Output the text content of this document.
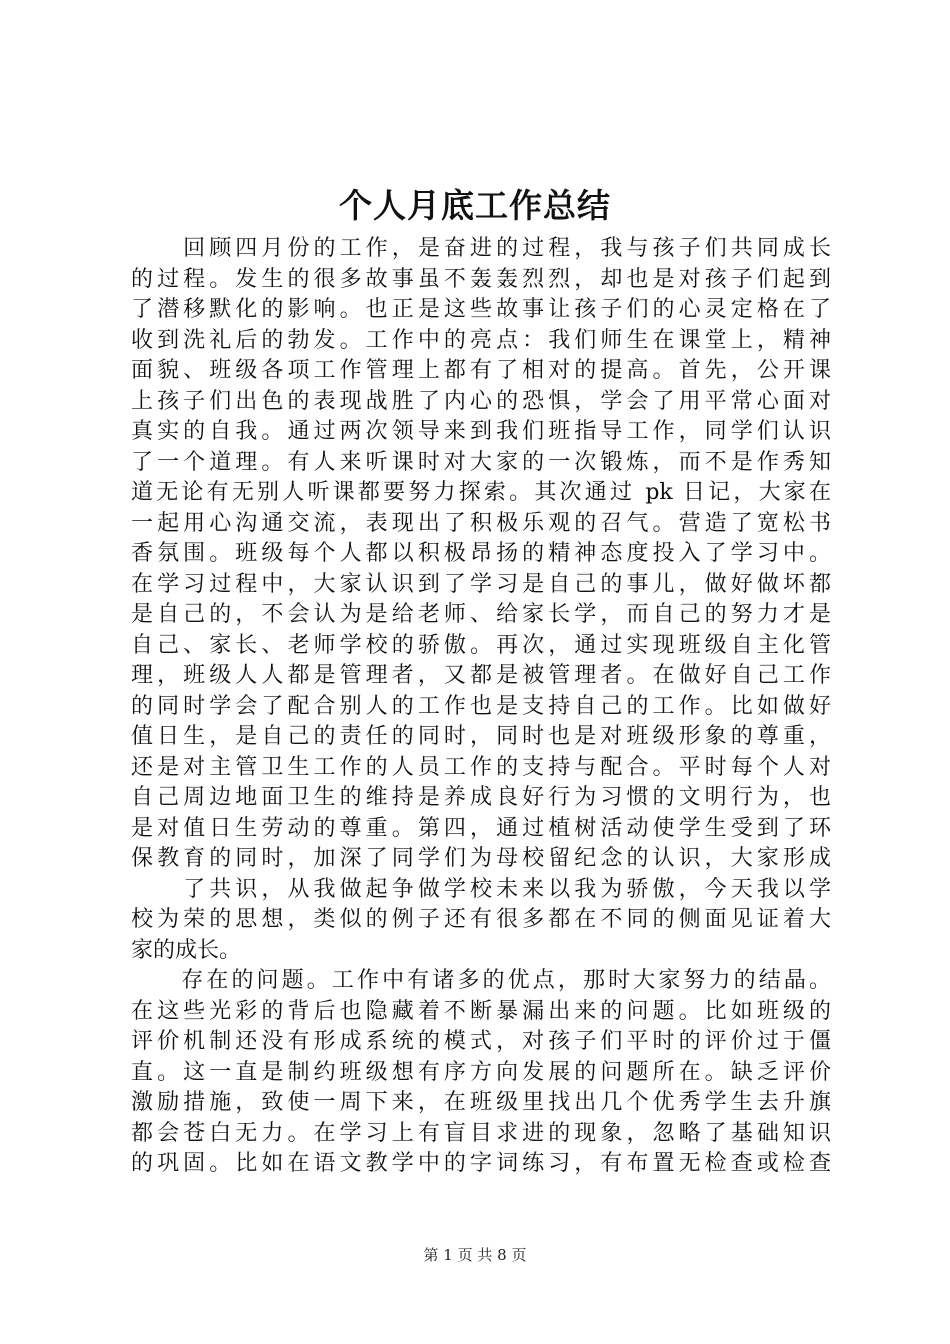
个人月底工作总结
　　回顾四月份的工作，是奋进的过程，我与孩子们共同成长
的过程。发生的很多故事虽不轰轰烈烈，却也是对孩子们起到
了潜移默化的影响。也正是这些故事让孩子们的心灵定格在了
收到洗礼后的勃发。工作中的亮点：我们师生在课堂上，精神
面貌、班级各项工作管理上都有了相对的提高。首先，公开课
上孩子们出色的表现战胜了内心的恐惧，学会了用平常心面对
真实的自我。通过两次领导来到我们班指导工作，同学们认识
了一个道理。有人来听课时对大家的一次锻炼，而不是作秀知
道无论有无别人听课都要努力探索。其次通过 pk 日记，大家在
一起用心沟通交流，表现出了积极乐观的召气。营造了宽松书
香氛围。班级每个人都以积极昂扬的精神态度投入了学习中。
在学习过程中，大家认识到了学习是自己的事儿，做好做坏都
是自己的，不会认为是给老师、给家长学，而自己的努力才是
自己、家长、老师学校的骄傲。再次，通过实现班级自主化管
理，班级人人都是管理者，又都是被管理者。在做好自己工作
的同时学会了配合别人的工作也是支持自己的工作。比如做好
值日生，是自己的责任的同时，同时也是对班级形象的尊重，
还是对主管卫生工作的人员工作的支持与配合。平时每个人对
自己周边地面卫生的维持是养成良好行为习惯的文明行为，也
是对值日生劳动的尊重。第四，通过植树活动使学生受到了环
保教育的同时，加深了同学们为母校留纪念的认识，大家形成
　　了共识，从我做起争做学校未来以我为骄傲，今天我以学
校为荣的思想，类似的例子还有很多都在不同的侧面见证着大
家的成长。
　　存在的问题。工作中有诸多的优点，那时大家努力的结晶。
在这些光彩的背后也隐藏着不断暴漏出来的问题。比如班级的
评价机制还没有形成系统的模式，对孩子们平时的评价过于僵
直。这一直是制约班级想有序方向发展的问题所在。缺乏评价
激励措施，致使一周下来，在班级里找出几个优秀学生去升旗
都会苍白无力。在学习上有盲目求进的现象，忽略了基础知识
的巩固。比如在语文教学中的字词练习，有布置无检查或检查
第 1 页 共 8 页
